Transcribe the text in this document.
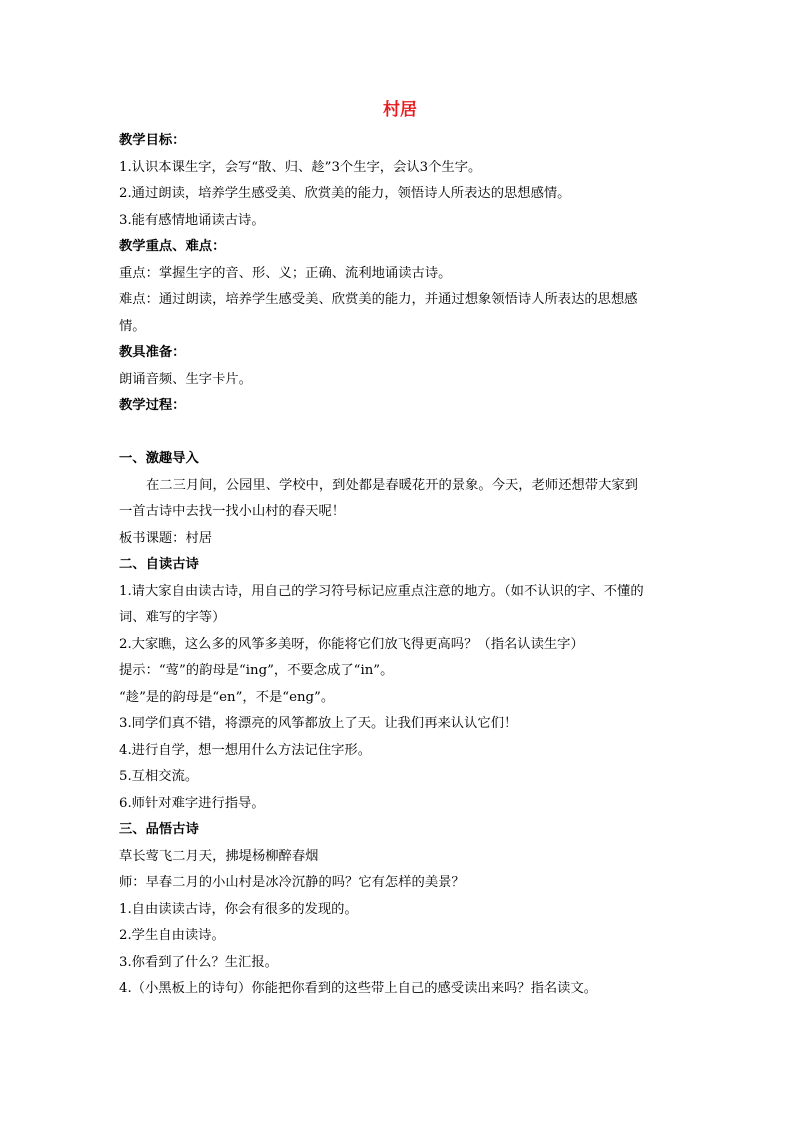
村居

教学目标：

1.认识本课生字，会写“散、归、趁”3个生字，会认3个生字。

2.通过朗读，培养学生感受美、欣赏美的能力，领悟诗人所表达的思想感情。

3.能有感情地诵读古诗。

教学重点、难点：

重点：掌握生字的音、形、义；正确、流利地诵读古诗。

难点：通过朗读，培养学生感受美、欣赏美的能力，并通过想象领悟诗人所表达的思想感

情。

教具准备：

朗诵音频、生字卡片。

教学过程：

一、激趣导入

在二三月间，公园里、学校中，到处都是春暖花开的景象。今天，老师还想带大家到

一首古诗中去找一找小山村的春天呢！

板书课题：村居

二、自读古诗

1.请大家自由读古诗，用自己的学习符号标记应重点注意的地方。（如不认识的字、不懂的

词、难写的字等）

2.大家瞧，这么多的风筝多美呀，你能将它们放飞得更高吗？（指名认读生字）

提示：“莺”的韵母是“ing”，不要念成了“in”。

“趁”是的韵母是“en”，不是“eng”。

3.同学们真不错，将漂亮的风筝都放上了天。让我们再来认认它们！

4.进行自学，想一想用什么方法记住字形。

5.互相交流。

6.师针对难字进行指导。

三、品悟古诗

草长莺飞二月天，拂堤杨柳醉春烟

师：早春二月的小山村是冰冷沉静的吗？它有怎样的美景？

1.自由读读古诗，你会有很多的发现的。

2.学生自由读诗。

3.你看到了什么？生汇报。

4.（小黑板上的诗句）你能把你看到的这些带上自己的感受读出来吗？指名读文。
